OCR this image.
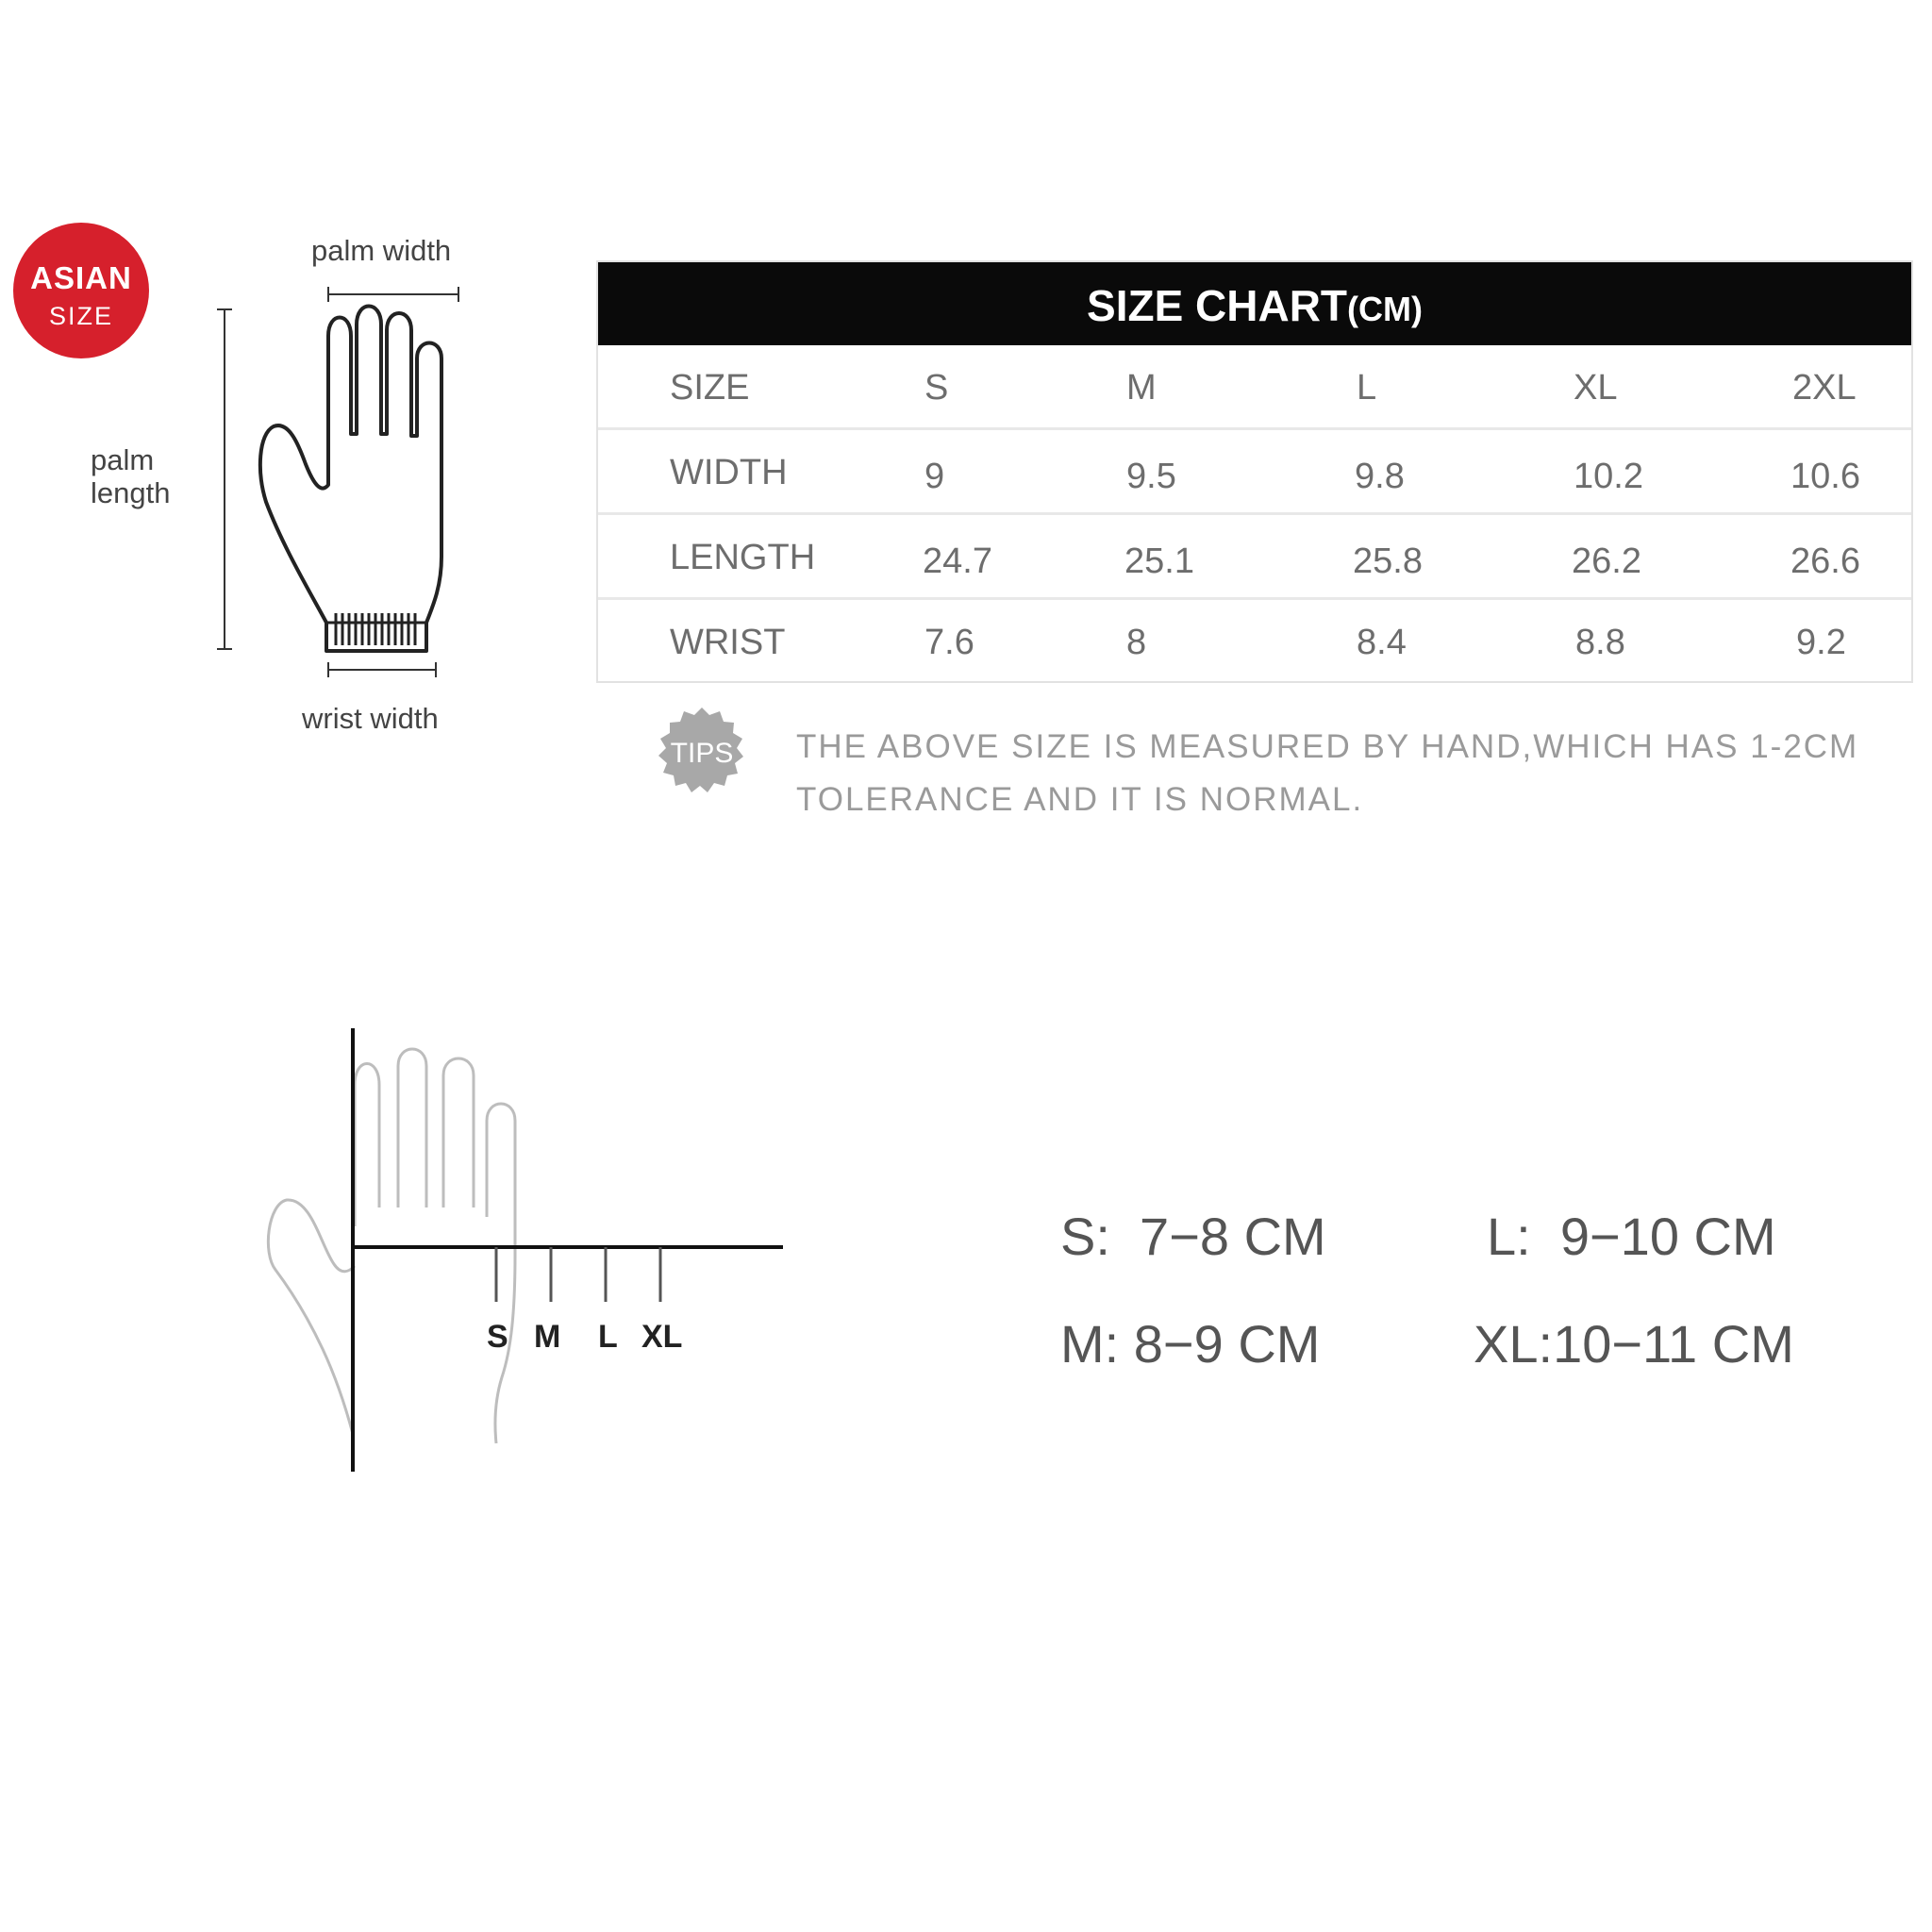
ASIAN
SIZE
palm width
palm length
wrist width
SIZE CHART(CM)
SIZE	S	M	L	XL	2XL
WIDTH	9	9.5	9.8	10.2	10.6
LENGTH	24.7	25.1	25.8	26.2	26.6
WRIST	7.6	8	8.4	8.8	9.2
TIPS THE ABOVE SIZE IS MEASURED BY HAND,WHICH HAS 1-2CM
TOLERANCE AND IT IS NORMAL.
S M L XL
S: 7−8 CM
M: 8−9 CM
L: 9−10 CM
XL:10−11 CM
